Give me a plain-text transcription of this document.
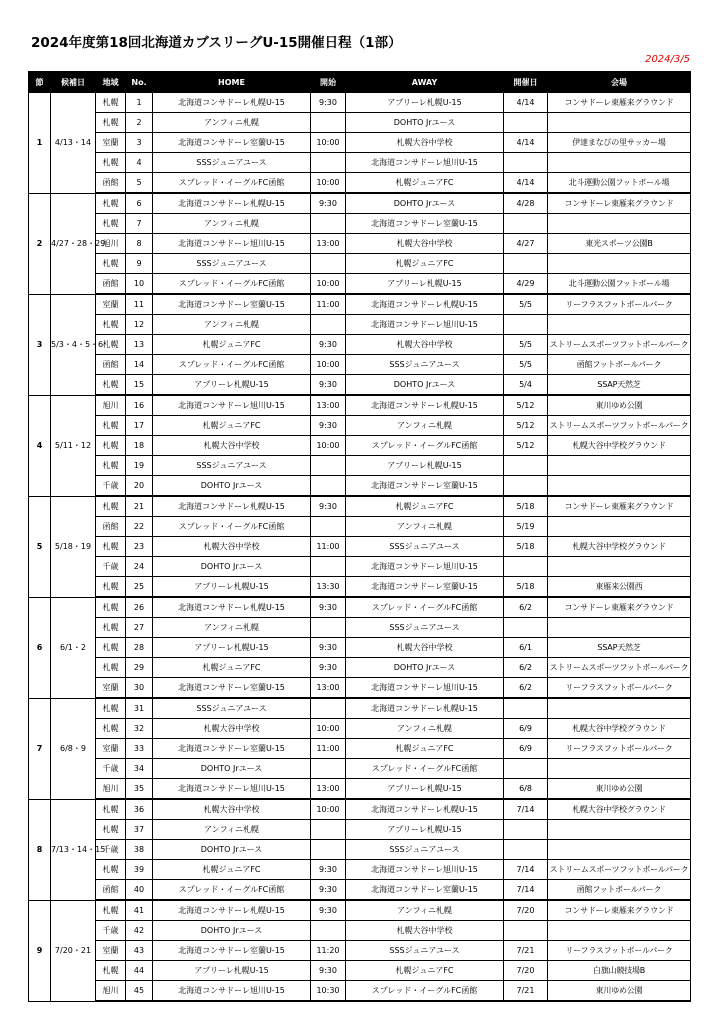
2024年度第18回北海道カブスリーグU-15開催日程（1部）
2024/3/5
節	候補日	地域	No.	HOME	開始	AWAY	開催日	会場
1	4/13・14	札幌	1	北海道コンサドーレ札幌U-15	9:30	アプリーレ札幌U-15	4/14	コンサドーレ東雁来グラウンド
		札幌	2	アンフィニ札幌		DOHTO Jrユース		
		室蘭	3	北海道コンサドーレ室蘭U-15	10:00	札幌大谷中学校	4/14	伊達まなびの里サッカー場
		札幌	4	SSSジュニアユース		北海道コンサドーレ旭川U-15		
		函館	5	スプレッド・イーグルFC函館	10:00	札幌ジュニアFC	4/14	北斗運動公園フットボール場
2	4/27・28・29	札幌	6	北海道コンサドーレ札幌U-15	9:30	DOHTO Jrユース	4/28	コンサドーレ東雁来グラウンド
		札幌	7	アンフィニ札幌		北海道コンサドーレ室蘭U-15		
		旭川	8	北海道コンサドーレ旭川U-15	13:00	札幌大谷中学校	4/27	東光スポーツ公園B
		札幌	9	SSSジュニアユース		札幌ジュニアFC		
		函館	10	スプレッド・イーグルFC函館	10:00	アプリーレ札幌U-15	4/29	北斗運動公園フットボール場
3	5/3・4・5・6	室蘭	11	北海道コンサドーレ室蘭U-15	11:00	北海道コンサドーレ札幌U-15	5/5	リーフラスフットボールパーク
		札幌	12	アンフィニ札幌		北海道コンサドーレ旭川U-15		
		札幌	13	札幌ジュニアFC	9:30	札幌大谷中学校	5/5	ストリームスポーツフットボールパーク
		函館	14	スプレッド・イーグルFC函館	10:00	SSSジュニアユース	5/5	函館フットボールパーク
		札幌	15	アプリーレ札幌U-15	9:30	DOHTO Jrユース	5/4	SSAP天然芝
4	5/11・12	旭川	16	北海道コンサドーレ旭川U-15	13:00	北海道コンサドーレ札幌U-15	5/12	東川ゆめ公園
		札幌	17	札幌ジュニアFC	9:30	アンフィニ札幌	5/12	ストリームスポーツフットボールパーク
		札幌	18	札幌大谷中学校	10:00	スプレッド・イーグルFC函館	5/12	札幌大谷中学校グラウンド
		札幌	19	SSSジュニアユース		アプリーレ札幌U-15		
		千歳	20	DOHTO Jrユース		北海道コンサドーレ室蘭U-15		
5	5/18・19	札幌	21	北海道コンサドーレ札幌U-15	9:30	札幌ジュニアFC	5/18	コンサドーレ東雁来グラウンド
		函館	22	スプレッド・イーグルFC函館		アンフィニ札幌	5/19	
		札幌	23	札幌大谷中学校	11:00	SSSジュニアユース	5/18	札幌大谷中学校グラウンド
		千歳	24	DOHTO Jrユース		北海道コンサドーレ旭川U-15		
		札幌	25	アプリーレ札幌U-15	13:30	北海道コンサドーレ室蘭U-15	5/18	東雁来公園西
6	6/1・2	札幌	26	北海道コンサドーレ札幌U-15	9:30	スプレッド・イーグルFC函館	6/2	コンサドーレ東雁来グラウンド
		札幌	27	アンフィニ札幌		SSSジュニアユース		
		札幌	28	アプリーレ札幌U-15	9:30	札幌大谷中学校	6/1	SSAP天然芝
		札幌	29	札幌ジュニアFC	9:30	DOHTO Jrユース	6/2	ストリームスポーツフットボールパーク
		室蘭	30	北海道コンサドーレ室蘭U-15	13:00	北海道コンサドーレ旭川U-15	6/2	リーフラスフットボールパーク
7	6/8・9	札幌	31	SSSジュニアユース		北海道コンサドーレ札幌U-15		
		札幌	32	札幌大谷中学校	10:00	アンフィニ札幌	6/9	札幌大谷中学校グラウンド
		室蘭	33	北海道コンサドーレ室蘭U-15	11:00	札幌ジュニアFC	6/9	リーフラスフットボールパーク
		千歳	34	DOHTO Jrユース		スプレッド・イーグルFC函館		
		旭川	35	北海道コンサドーレ旭川U-15	13:00	アプリーレ札幌U-15	6/8	東川ゆめ公園
8	7/13・14・15	札幌	36	札幌大谷中学校	10:00	北海道コンサドーレ札幌U-15	7/14	札幌大谷中学校グラウンド
		札幌	37	アンフィニ札幌		アプリーレ札幌U-15		
		千歳	38	DOHTO Jrユース		SSSジュニアユース		
		札幌	39	札幌ジュニアFC	9:30	北海道コンサドーレ旭川U-15	7/14	ストリームスポーツフットボールパーク
		函館	40	スプレッド・イーグルFC函館	9:30	北海道コンサドーレ室蘭U-15	7/14	函館フットボールパーク
9	7/20・21	札幌	41	北海道コンサドーレ札幌U-15	9:30	アンフィニ札幌	7/20	コンサドーレ東雁来グラウンド
		千歳	42	DOHTO Jrユース		札幌大谷中学校		
		室蘭	43	北海道コンサドーレ室蘭U-15	11:20	SSSジュニアユース	7/21	リーフラスフットボールパーク
		札幌	44	アプリーレ札幌U-15	9:30	札幌ジュニアFC	7/20	白旗山競技場B
		旭川	45	北海道コンサドーレ旭川U-15	10:30	スプレッド・イーグルFC函館	7/21	東川ゆめ公園
